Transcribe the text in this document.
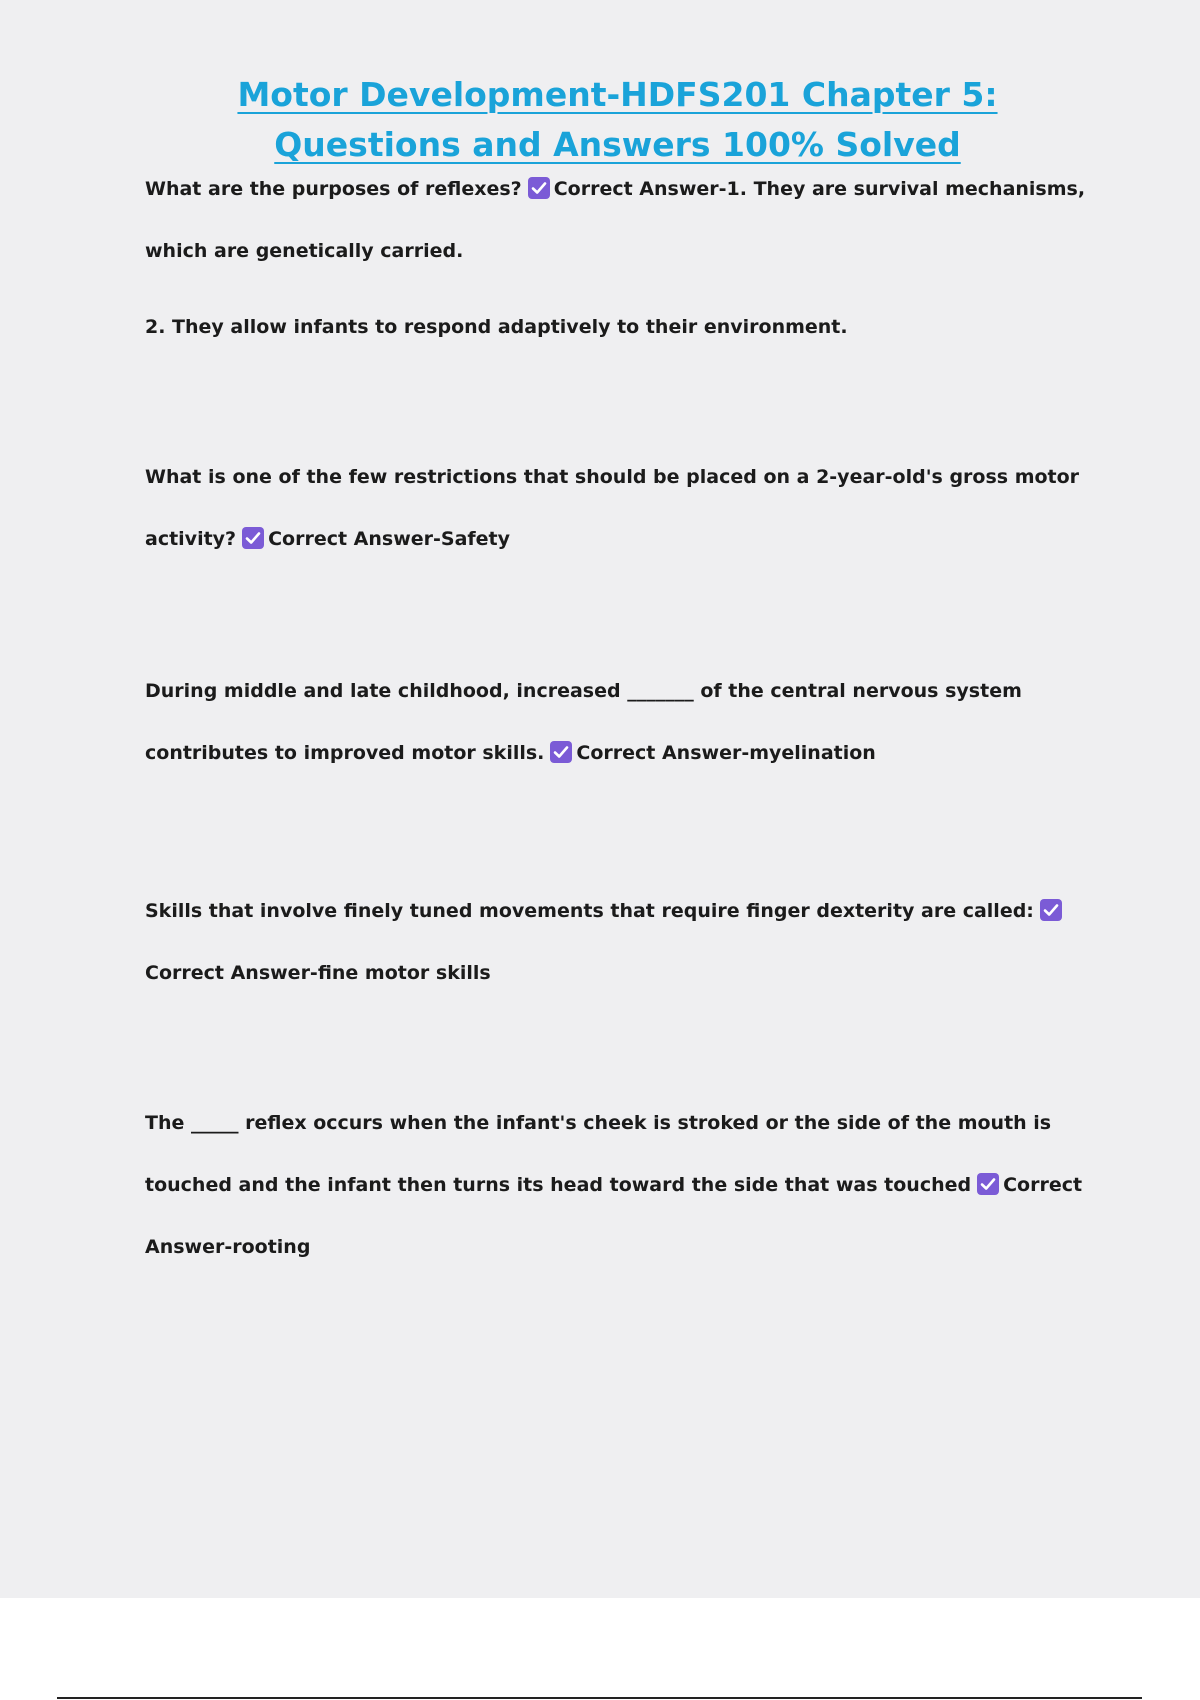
Motor Development-HDFS201 Chapter 5: Questions and Answers 100% Solved

What are the purposes of reflexes? Correct Answer-1. They are survival mechanisms, which are genetically carried.
2. They allow infants to respond adaptively to their environment.

What is one of the few restrictions that should be placed on a 2-year-old's gross motor activity? Correct Answer-Safety

During middle and late childhood, increased _______ of the central nervous system contributes to improved motor skills. Correct Answer-myelination

Skills that involve finely tuned movements that require finger dexterity are called:
Correct Answer-fine motor skills

The _____ reflex occurs when the infant's cheek is stroked or the side of the mouth is touched and the infant then turns its head toward the side that was touched Correct Answer-rooting
